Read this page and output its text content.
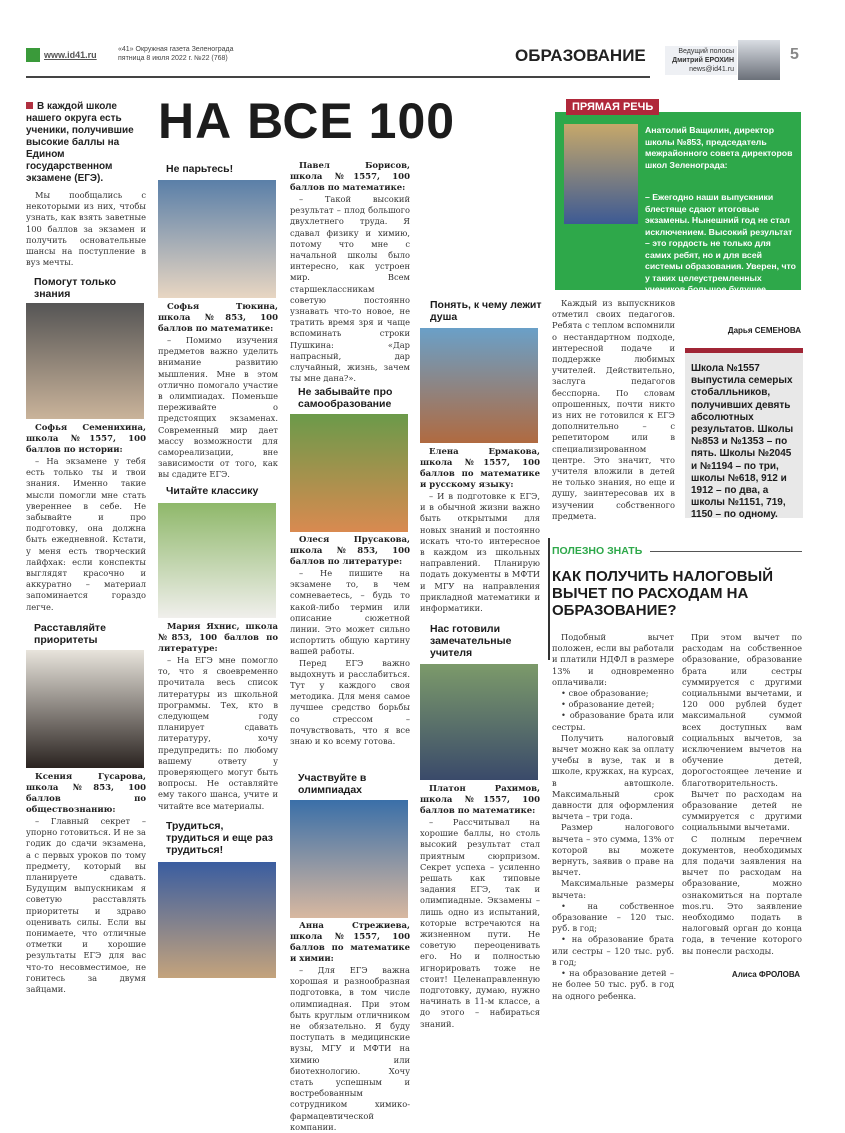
www.id41.ru
«41» Окружная газета Зеленограда
пятница 8 июля 2022 г. №22 (768)	ОБРАЗОВАНИЕ	Ведущий полосы
Дмитрий ЕРОХИН
news@id41.ru
5
НА ВСЕ 100
В каждой школе нашего округа есть ученики, получившие высокие баллы на Едином государственном экзамене (ЕГЭ).

Мы пообщались с некоторыми из них, чтобы узнать, как взять заветные 100 баллов за экзамен и получить основательные шансы на поступление в вуз мечты.

Помогут только знания

Софья Семенихина, школа №1557, 100 баллов по истории:

– На экзамене у тебя есть только ты и твои знания. Именно такие мысли помогли мне стать увереннее в себе. Не забывайте и про подготовку, она должна быть ежедневной. Кстати, у меня есть творческий лайфхак: если конспекты выглядят красочно и аккуратно – материал запоминается гораздо легче.

Расставляйте приоритеты

Ксения Гусарова, школа №853, 100 баллов по обществознанию:

– Главный секрет – упорно готовиться. И не за годик до сдачи экзамена, а с первых уроков по тому предмету, который вы планируете сдавать. Будущим выпускникам я советую расставлять приоритеты и здраво оценивать силы. Если вы понимаете, что отличные отметки и хорошие результаты ЕГЭ для вас что-то несовместимое, не гонитесь за двумя зайцами.

Не парьтесь!

Софья Тюкина, школа №853, 100 баллов по математике:

– Помимо изучения предметов важно уделить внимание развитию мышления. Мне в этом отлично помогало участие в олимпиадах. Поменьше переживайте о предстоящих экзаменах. Современный мир дает массу возможности для самореализации, вне зависимости от того, как вы сдадите ЕГЭ.

Читайте классику

Мария Яхнис, школа №853, 100 баллов по литературе:

– На ЕГЭ мне помогло то, что я своевременно прочитала весь список литературы из школьной программы. Тех, кто в следующем году планирует сдавать литературу, хочу предупредить: по любому вашему ответу у проверяющего могут быть вопросы. Не оставляйте ему такого шанса, учите и читайте все материалы.

Трудиться, трудиться и еще раз трудиться!

Павел Борисов, школа №1557, 100 баллов по математике:

– Такой высокий результат – плод большого двухлетнего труда. Я сдавал физику и химию, потому что мне с начальной школы было интересно, как устроен мир. Всем старшеклассникам советую постоянно узнавать что-то новое, не тратить время зря и чаще вспоминать строки Пушкина: «Дар напрасный, дар случайный, жизнь, зачем ты мне дана?».

Не забывайте про самообразование

Олеся Прусакова, школа №853, 100 баллов по литературе:

– Не пишите на экзамене то, в чем сомневаетесь, – будь то какой-либо термин или описание сюжетной линии. Это может сильно испортить общую картину вашей работы.

Перед ЕГЭ важно выдохнуть и расслабиться. Тут у каждого своя методика. Для меня самое лучшее средство борьбы со стрессом – почувствовать, что я все знаю и ко всему готова.

Участвуйте в олимпиадах

Анна Стрежиева, школа №1557, 100 баллов по математике и химии:

– Для ЕГЭ важна хорошая и разнообразная подготовка, в том числе олимпиадная. При этом быть круглым отличником не обязательно. Я буду поступать в медицинские вузы, МГУ и МФТИ на химию или биотехнологию. Хочу стать успешным и востребованным сотрудником химико-фармацевтической компании.

Понять, к чему лежит душа

Елена Ермакова, школа №1557, 100 баллов по математике и русскому языку:

– И в подготовке к ЕГЭ, и в обычной жизни важно быть открытыми для новых знаний и постоянно искать что-то интересное в каждом из школьных направлений. Планирую подать документы в МФТИ и МГУ на направления прикладной математики и информатики.

Нас готовили замечательные учителя

Платон Рахимов, школа №1557, 100 баллов по математике:

– Рассчитывал на хорошие баллы, но столь высокий результат стал приятным сюрпризом. Секрет успеха – усиленно решать как типовые задания ЕГЭ, так и олимпиадные. Экзамены – лишь одно из испытаний, которые встречаются на жизненном пути. Не советую переоценивать его. Но и полностью игнорировать тоже не стоит! Целенаправленную подготовку, думаю, нужно начинать в 11-м классе, а до этого – набираться знаний.

ПРЯМАЯ РЕЧЬ
Анатолий Ващилин, директор школы №853, председатель межрайонного совета директоров школ Зеленограда:
– Ежегодно наши выпускники блестяще сдают итоговые экзамены. Нынешний год не стал исключением. Высокий результат – это гордость не только для самих ребят, но и для всей системы образования. Уверен, что у таких целеустремленных учеников большое будущее.

Каждый из выпускников отметил своих педагогов. Ребята с теплом вспомнили о нестандартном подходе, интересной подаче и поддержке любимых учителей. Действительно, заслуга педагогов бесспорна. По словам опрошенных, почти никто из них не готовился к ЕГЭ дополнительно – с репетитором или в специализированном центре. Это значит, что учителя вложили в детей не только знания, но еще и душу, заинтересовав их в изучении собственного предмета.

Дарья СЕМЕНОВА
Школа №1557 выпустила семерых стобалльников, получивших девять абсолютных результатов. Школы №853 и №1353 – по пять. Школы №2045 и №1194 – по три, школы №618, 912 и 1912 – по два, а школы №1151, 719, 1150 – по одному.
ПОЛЕЗНО ЗНАТЬ
КАК ПОЛУЧИТЬ НАЛОГОВЫЙ ВЫЧЕТ ПО РАСХОДАМ НА ОБРАЗОВАНИЕ?

Подобный вычет положен, если вы работали и платили НДФЛ в размере 13% и одновременно оплачивали:

• свое образование;

• образование детей;

• образование брата или сестры.

Получить налоговый вычет можно как за оплату учебы в вузе, так и в школе, кружках, на курсах, в автошколе. Максимальный срок давности для оформления вычета – три года.

Размер налогового вычета – это сумма, 13% от которой вы можете вернуть, заявив о праве на вычет.

Максимальные размеры вычета:

• на собственное образование – 120 тыс. руб. в год;

• на образование брата или сестры – 120 тыс. руб. в год;

• на образование детей – не более 50 тыс. руб. в год на одного ребенка.

При этом вычет по расходам на собственное образование, образование брата или сестры суммируется с другими социальными вычетами, и 120 000 рублей будет максимальной суммой всех доступных вам социальных вычетов, за исключением вычетов на обучение детей, дорогостоящее лечение и благотворительность.

Вычет по расходам на образование детей не суммируется с другими социальными вычетами.

С полным перечнем документов, необходимых для подачи заявления на вычет по расходам на образование, можно ознакомиться на портале mos.ru. Это заявление необходимо подать в налоговый орган до конца года, в течение которого вы понесли расходы.

Алиса ФРОЛОВА
